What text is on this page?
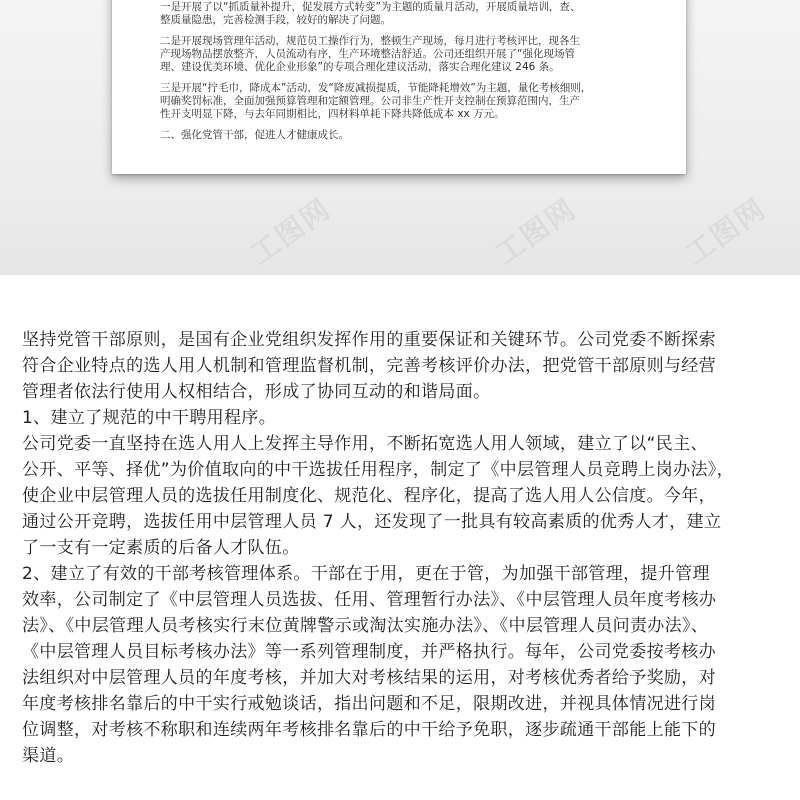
一是开展了以“抓质量补提升，促发展方式转变”为主题的质量月活动，开展质量培训，查、
整质量隐患，完善检测手段，较好的解决了问题。
二是开展现场管理年活动，规范员工操作行为，整顿生产现场，每月进行考核评比，现各生
产现场物品摆放整齐，人员流动有序，生产环境整洁舒适。公司还组织开展了“强化现场管
理、建设优美环境、优化企业形象”的专项合理化建议活动，落实合理化建议 246 条。
三是开展“拧毛巾，降成本”活动，发“降废减损提质，节能降耗增效”为主题，量化考核细则，
明确奖罚标准，全面加强预算管理和定额管理。公司非生产性开支控制在预算范围内，生产
性开支明显下降，与去年同期相比，四材料单耗下降共降低成本 xx 万元。
二、强化党管干部，促进人才健康成长。
工图网	工图网	工图网
坚持党管干部原则，是国有企业党组织发挥作用的重要保证和关键环节。公司党委不断探索
符合企业特点的选人用人机制和管理监督机制，完善考核评价办法，把党管干部原则与经营
管理者依法行使用人权相结合，形成了协同互动的和谐局面。
1、建立了规范的中干聘用程序。
公司党委一直坚持在选人用人上发挥主导作用，不断拓宽选人用人领域，建立了以“民主、
公开、平等、择优”为价值取向的中干选拔任用程序，制定了《中层管理人员竞聘上岗办法》，
使企业中层管理人员的选拔任用制度化、规范化、程序化，提高了选人用人公信度。今年，
通过公开竞聘，选拔任用中层管理人员 7 人，还发现了一批具有较高素质的优秀人才，建立
了一支有一定素质的后备人才队伍。
2、建立了有效的干部考核管理体系。干部在于用，更在于管，为加强干部管理，提升管理
效率，公司制定了《中层管理人员选拔、任用、管理暂行办法》、《中层管理人员年度考核办
法》、《中层管理人员考核实行末位黄牌警示或淘汰实施办法》、《中层管理人员问责办法》、
《中层管理人员目标考核办法》等一系列管理制度，并严格执行。每年，公司党委按考核办
法组织对中层管理人员的年度考核，并加大对考核结果的运用，对考核优秀者给予奖励，对
年度考核排名靠后的中干实行戒勉谈话，指出问题和不足，限期改进，并视具体情况进行岗
位调整，对考核不称职和连续两年考核排名靠后的中干给予免职，逐步疏通干部能上能下的
渠道。
